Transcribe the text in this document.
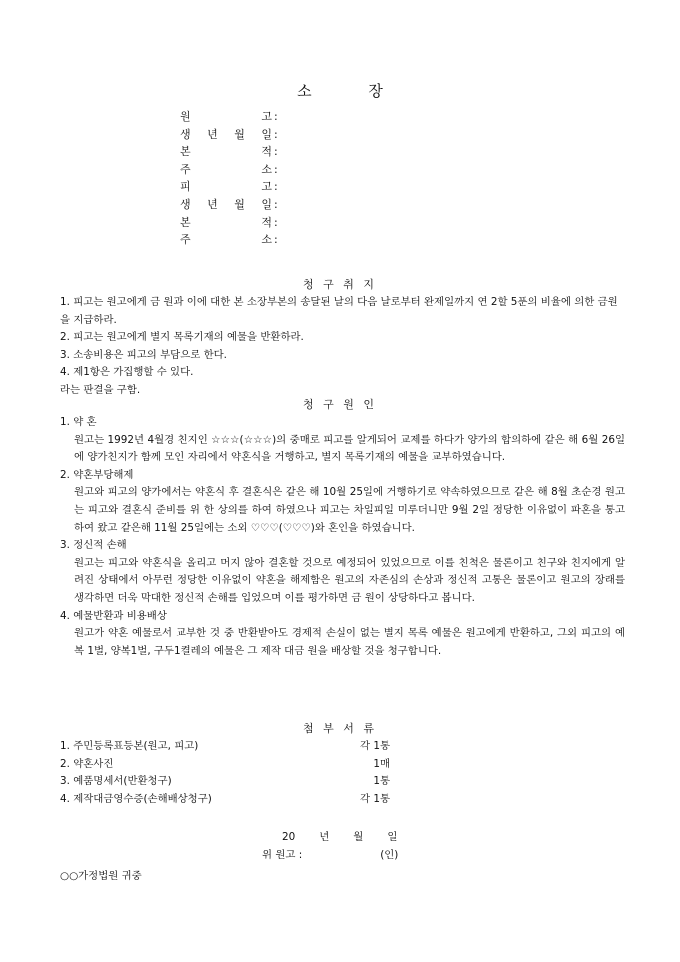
소 장
원	고 :
생 년 월 일 :
본	적 :
주	소 :
피	고 :
생 년 월 일 :
본	적 :
주	소 :
청 구 취 지

1. 피고는 원고에게 금 원과 이에 대한 본 소장부본의 송달된 날의 다음 날로부터 완제일까지 연 2할 5푼의 비율에 의한 금원을 지급하라.

2. 피고는 원고에게 별지 목록기재의 예물을 반환하라.

3. 소송비용은 피고의 부담으로 한다.

4. 제1항은 가집행할 수 있다.

라는 판결을 구함.

청 구 원 인

1. 약 혼

원고는 1992년 4월경 친지인 ☆☆☆(☆☆☆)의 중매로 피고를 알게되어 교제를 하다가 양가의 합의하에 같은 해 6월 26일에 양가친지가 함께 모인 자리에서 약혼식을 거행하고, 별지 목록기재의 예물을 교부하였습니다.

2. 약혼부당해제

원고와 피고의 양가에서는 약혼식 후 결혼식은 같은 해 10월 25일에 거행하기로 약속하였으므로 같은 해 8월 초순경 원고는 피고와 결혼식 준비를 위 한 상의를 하여 하였으나 피고는 차일피일 미루더니만 9월 2일 정당한 이유없이 파혼을 통고하여 왔고 같은해 11월 25일에는 소외 ♡♡♡(♡♡♡)와 혼인을 하였습니다.

3. 정신적 손해

원고는 피고와 약혼식을 올리고 머지 않아 결혼할 것으로 예정되어 있었으므로 이를 친척은 물론이고 친구와 친지에게 알려진 상태에서 아무런 정당한 이유없이 약혼을 해제함은 원고의 자존심의 손상과 정신적 고통은 물론이고 원고의 장래를 생각하면 더욱 막대한 정신적 손해를 입었으며 이를 평가하면 금 원이 상당하다고 봅니다.

4. 예물반환과 비용배상

원고가 약혼 예물로서 교부한 것 중 반환받아도 경제적 손실이 없는 별지 목록 예물은 원고에게 반환하고, 그외 피고의 예복 1벌, 양복1벌, 구두1켤레의 예물은 그 제작 대금 원을 배상할 것을 청구합니다.

첨 부 서 류
1. 주민등록표등본(원고, 피고)	각 1통
2. 약혼사진	1매
3. 예품명세서(반환청구)	1통
4. 제작대금영수증(손해배상청구)	각 1통
20 년 월 일
위 원고 :	(인)
○○가정법원 귀중
